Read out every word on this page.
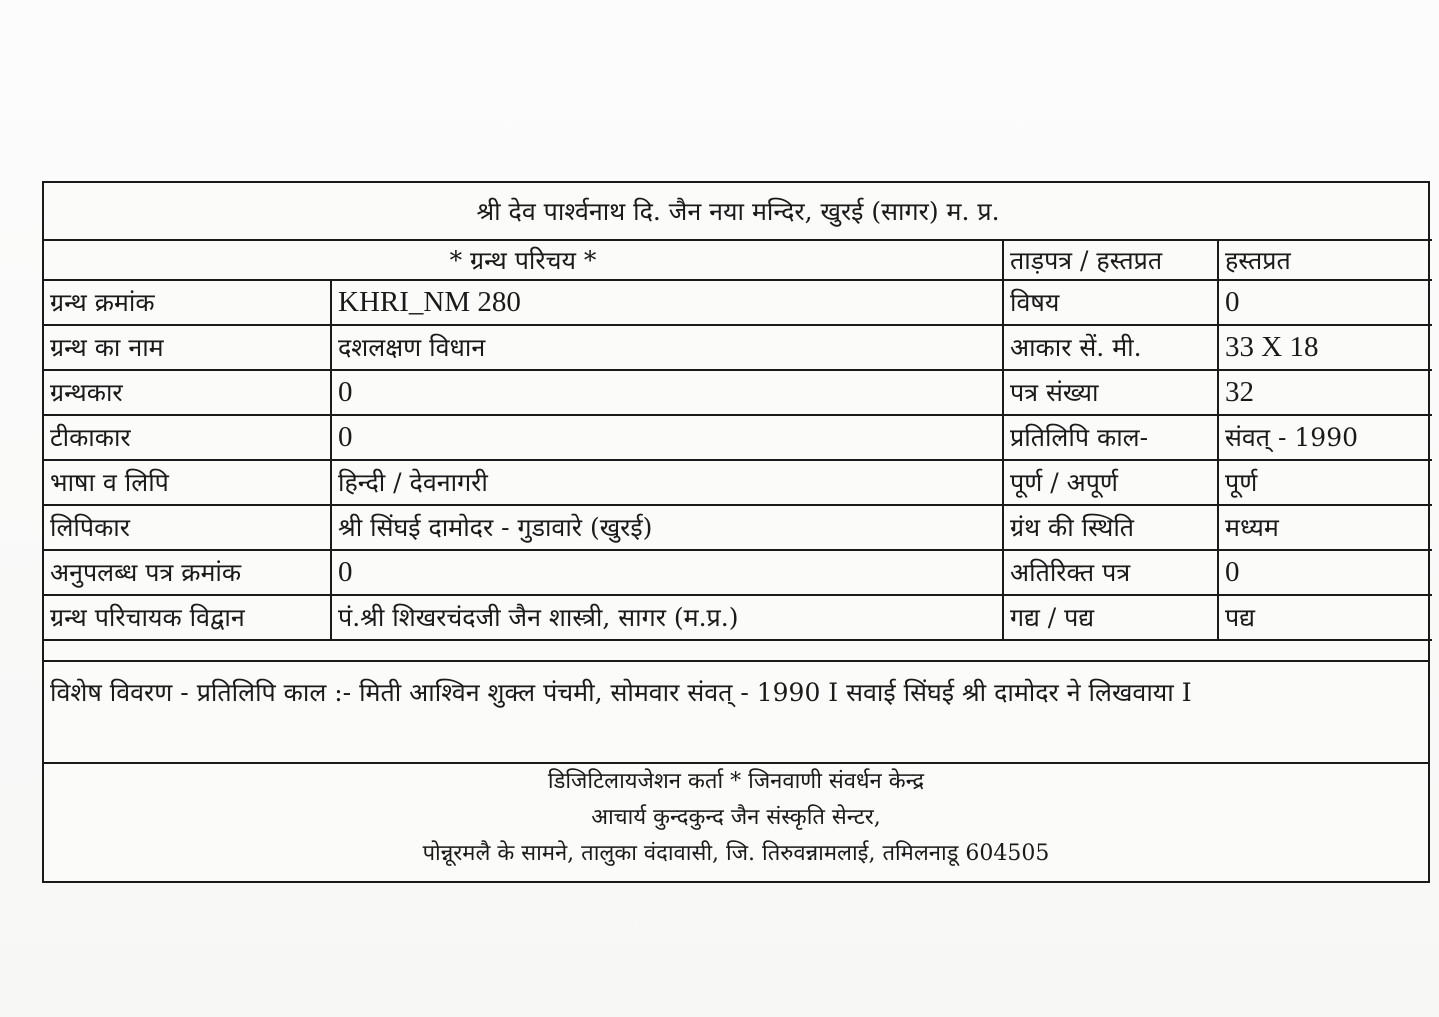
श्री देव पार्श्वनाथ दि. जैन नया मन्दिर, खुरई (सागर) म. प्र.			
* ग्रन्थ परिचय *		ताड़पत्र / हस्तप्रत	हस्तप्रत
ग्रन्थ क्रमांक	KHRI_NM 280	विषय	0
ग्रन्थ का नाम	दशलक्षण विधान	आकार सें. मी.	33 X 18
ग्रन्थकार	0	पत्र संख्या	32
टीकाकार	0	प्रतिलिपि काल-	संवत् - 1990
भाषा व लिपि	हिन्दी / देवनागरी	पूर्ण / अपूर्ण	पूर्ण
लिपिकार	श्री सिंघई दामोदर - गुडावारे (खुरई)	ग्रंथ की स्थिति	मध्यम
अनुपलब्ध पत्र क्रमांक	0	अतिरिक्त पत्र	0
ग्रन्थ परिचायक विद्वान	पं.श्री शिखरचंदजी जैन शास्त्री, सागर (म.प्र.)	गद्य / पद्य	पद्य
विशेष विवरण - प्रतिलिपि काल :- मिती आश्विन शुक्ल पंचमी, सोमवार संवत् - 1990 I सवाई सिंघई श्री दामोदर ने लिखवाया I
डिजिटिलायजेशन कर्ता * जिनवाणी संवर्धन केन्द्र
आचार्य कुन्दकुन्द जैन संस्कृति सेन्टर,
पोन्नूरमलै के सामने, तालुका वंदावासी, जि. तिरुवन्नामलाई, तमिलनाडू 604505
